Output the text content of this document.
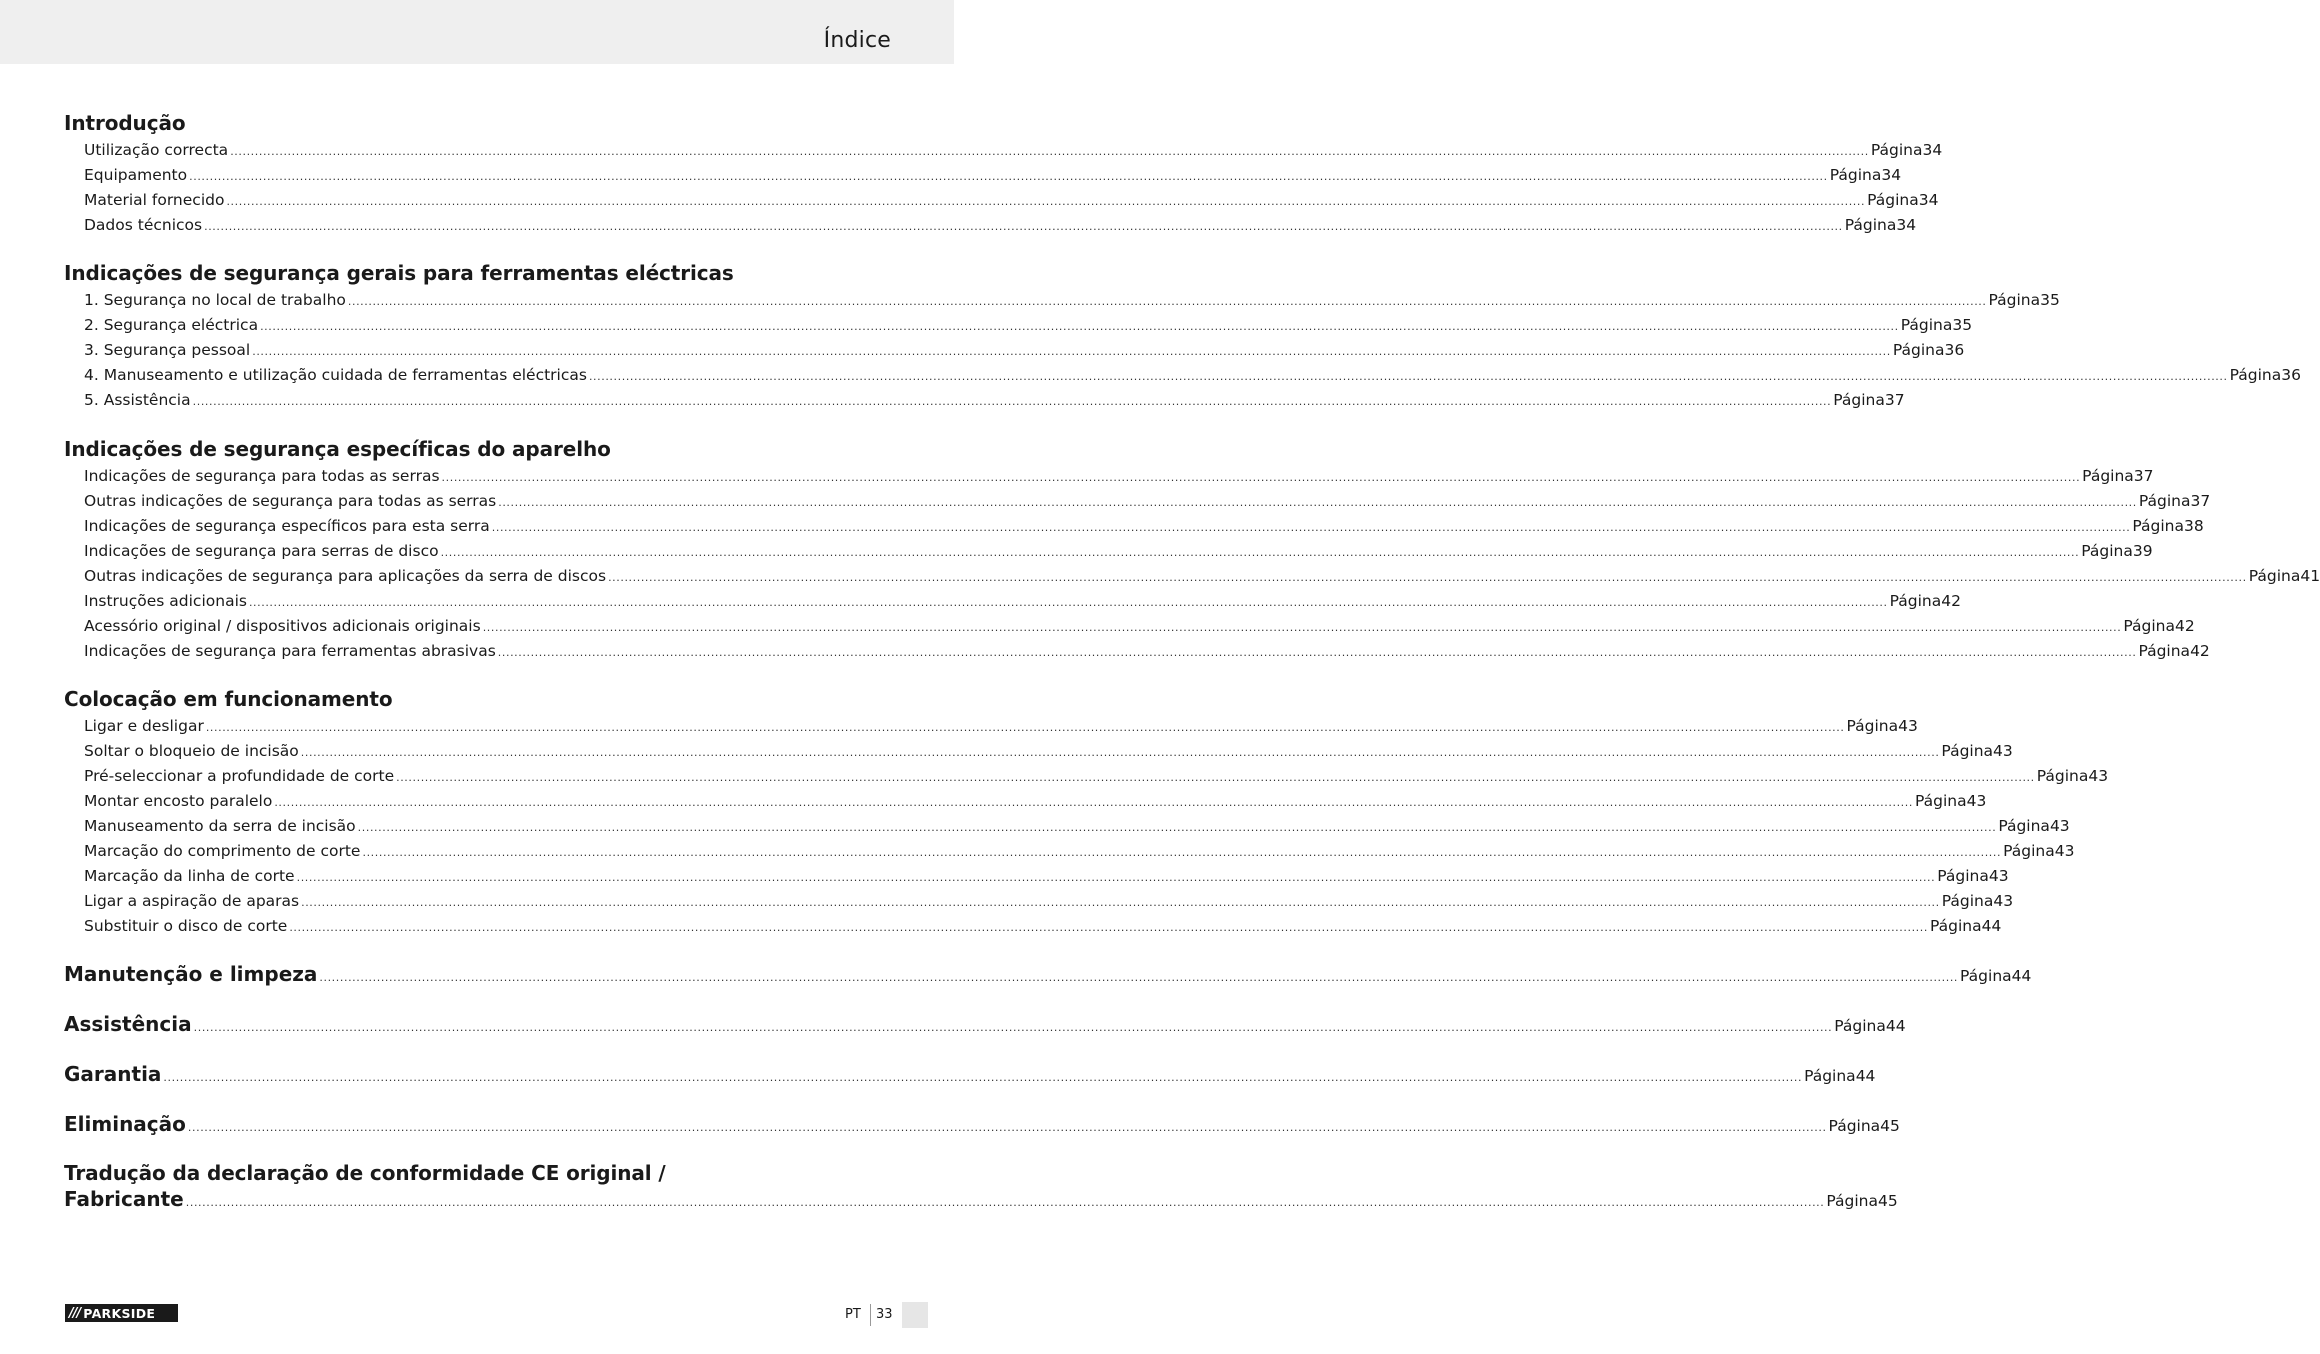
Índice
Introdução
Utilização correcta ................................................................................................................................................................................................................................................................................................................................................................................................................ Página 34
Equipamento ................................................................................................................................................................................................................................................................................................................................................................................................................ Página 34
Material fornecido ................................................................................................................................................................................................................................................................................................................................................................................................................ Página 34
Dados técnicos ................................................................................................................................................................................................................................................................................................................................................................................................................ Página 34
Indicações de segurança gerais para ferramentas eléctricas
1. Segurança no local de trabalho ................................................................................................................................................................................................................................................................................................................................................................................................................ Página 35
2. Segurança eléctrica ................................................................................................................................................................................................................................................................................................................................................................................................................ Página 35
3. Segurança pessoal ................................................................................................................................................................................................................................................................................................................................................................................................................ Página 36
4. Manuseamento e utilização cuidada de ferramentas eléctricas ................................................................................................................................................................................................................................................................................................................................................................................................................ Página 36
5. Assistência ................................................................................................................................................................................................................................................................................................................................................................................................................ Página 37
Indicações de segurança específicas do aparelho
Indicações de segurança para todas as serras ................................................................................................................................................................................................................................................................................................................................................................................................................ Página 37
Outras indicações de segurança para todas as serras ................................................................................................................................................................................................................................................................................................................................................................................................................ Página 37
Indicações de segurança específicos para esta serra ................................................................................................................................................................................................................................................................................................................................................................................................................ Página 38
Indicações de segurança para serras de disco ................................................................................................................................................................................................................................................................................................................................................................................................................ Página 39
Outras indicações de segurança para aplicações da serra de discos ................................................................................................................................................................................................................................................................................................................................................................................................................ Página 41
Instruções adicionais ................................................................................................................................................................................................................................................................................................................................................................................................................ Página 42
Acessório original / dispositivos adicionais originais ................................................................................................................................................................................................................................................................................................................................................................................................................ Página 42
Indicações de segurança para ferramentas abrasivas ................................................................................................................................................................................................................................................................................................................................................................................................................ Página 42
Colocação em funcionamento
Ligar e desligar ................................................................................................................................................................................................................................................................................................................................................................................................................ Página 43
Soltar o bloqueio de incisão ................................................................................................................................................................................................................................................................................................................................................................................................................ Página 43
Pré-seleccionar a profundidade de corte ................................................................................................................................................................................................................................................................................................................................................................................................................ Página 43
Montar encosto paralelo ................................................................................................................................................................................................................................................................................................................................................................................................................ Página 43
Manuseamento da serra de incisão ................................................................................................................................................................................................................................................................................................................................................................................................................ Página 43
Marcação do comprimento de corte ................................................................................................................................................................................................................................................................................................................................................................................................................ Página 43
Marcação da linha de corte ................................................................................................................................................................................................................................................................................................................................................................................................................ Página 43
Ligar a aspiração de aparas ................................................................................................................................................................................................................................................................................................................................................................................................................ Página 43
Substituir o disco de corte ................................................................................................................................................................................................................................................................................................................................................................................................................ Página 44
Manutenção e limpeza ................................................................................................................................................................................................................................................................................................................................................................................................................ Página 44
Assistência ................................................................................................................................................................................................................................................................................................................................................................................................................ Página 44
Garantia ................................................................................................................................................................................................................................................................................................................................................................................................................ Página 44
Eliminação ................................................................................................................................................................................................................................................................................................................................................................................................................ Página 45
Tradução da declaração de conformidade CE original /
Fabricante ................................................................................................................................................................................................................................................................................................................................................................................................................ Página 45
/// PARKSIDE	PT 33
